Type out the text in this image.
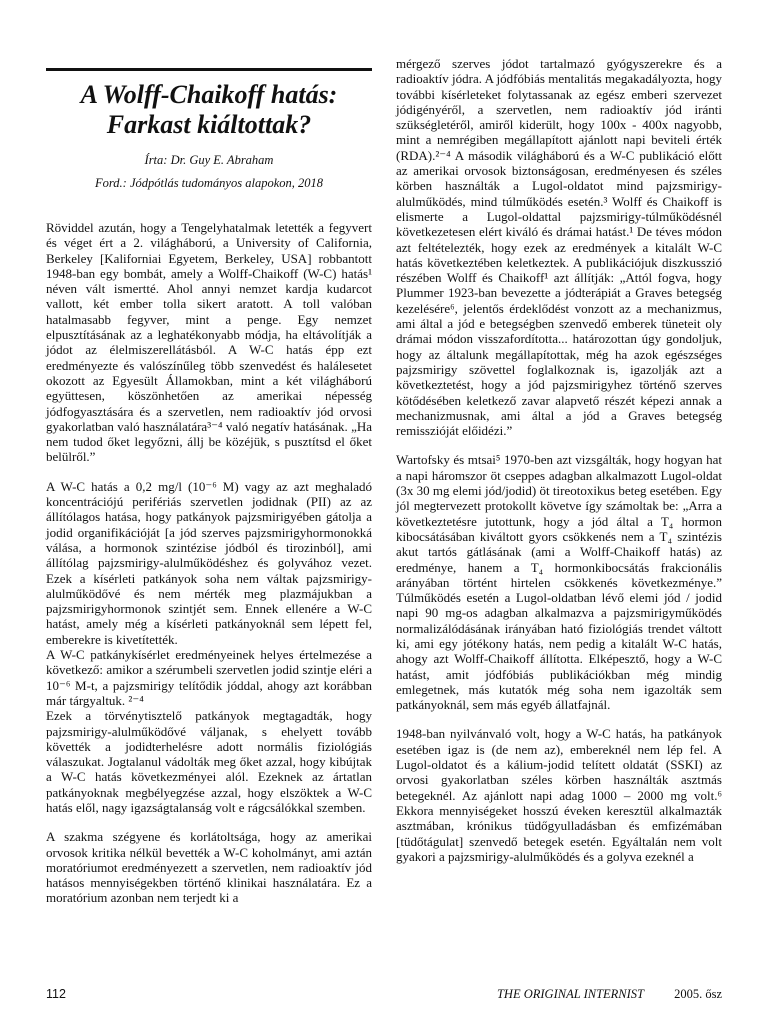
A Wolff-Chaikoff hatás:
Farkast kiáltottak?

Írta: Dr. Guy E. Abraham

Ford.: Jódpótlás tudományos alapokon, 2018

Röviddel azután, hogy a Tengelyhatalmak letették a fegyvert és véget ért a 2. világháború, a University of California, Berkeley [Kaliforniai Egyetem, Berkeley, USA] robbantott 1948-ban egy bombát, amely a Wolff-Chaikoff (W-C) hatás¹ néven vált ismertté. Ahol annyi nemzet kardja kudarcot vallott, két ember tolla sikert aratott. A toll valóban hatalmasabb fegyver, mint a penge. Egy nemzet elpusztításának az a leghatékonyabb módja, ha eltávolítják a jódot az élelmiszerellátásból. A W-C hatás épp ezt eredményezte és valószínűleg több szenvedést és halálesetet okozott az Egyesült Államokban, mint a két világháború együttesen, köszönhetően az amerikai népesség jódfogyasztására és a szervetlen, nem radioaktív jód orvosi gyakorlatban való használatára³⁻⁴ való negatív hatásának. „Ha nem tudod őket legyőzni, állj be közéjük, s pusztítsd el őket belülről.”

A W-C hatás a 0,2 mg/l (10⁻⁶ M) vagy az azt meghaladó koncentrációjú perifériás szervetlen jodidnak (PII) az az állítólagos hatása, hogy patkányok pajzsmirigyében gátolja a jodid organifikációját [a jód szerves pajzsmirigyhormonokká válása, a hormonok szintézise jódból és tirozinból], ami állítólag pajzsmirigy-alulműködéshez és golyvához vezet. Ezek a kísérleti patkányok soha nem váltak pajzsmirigy-alulműködővé és nem mérték meg plazmájukban a pajzsmirigyhormonok szintjét sem. Ennek ellenére a W-C hatást, amely még a kísérleti patkányoknál sem lépett fel, emberekre is kivetítették.

A W-C patkánykísérlet eredményeinek helyes értelmezése a következő: amikor a szérumbeli szervetlen jodid szintje eléri a 10⁻⁶ M-t, a pajzsmirigy telítődik jóddal, ahogy azt korábban már tárgyaltuk. ²⁻⁴

Ezek a törvénytisztelő patkányok megtagadták, hogy pajzsmirigy-alulműködővé váljanak, s ehelyett tovább követték a jodidterhelésre adott normális fiziológiás válaszukat. Jogtalanul vádolták meg őket azzal, hogy kibújtak a W-C hatás következményei alól. Ezeknek az ártatlan patkányoknak megbélyegzése azzal, hogy elszöktek a W-C hatás elől, nagy igazságtalanság volt e rágcsálókkal szemben.

A szakma szégyene és korlátoltsága, hogy az amerikai orvosok kritika nélkül bevették a W-C koholmányt, ami aztán moratóriumot eredményezett a szervetlen, nem radioaktív jód hatásos mennyiségekben történő klinikai használatára. Ez a moratórium azonban nem terjedt ki a

mérgező szerves jódot tartalmazó gyógyszerekre és a radioaktív jódra. A jódfóbiás mentalitás megakadályozta, hogy további kísérleteket folytassanak az egész emberi szervezet jódigényéről, a szervetlen, nem radioaktív jód iránti szükségletéről, amiről kiderült, hogy 100x - 400x nagyobb, mint a nemrégiben megállapított ajánlott napi beviteli érték (RDA).²⁻⁴ A második világháború és a W-C publikáció előtt az amerikai orvosok biztonságosan, eredményesen és széles körben használták a Lugol-oldatot mind pajzsmirigy-alulműködés, mind túlműködés esetén.³ Wolff és Chaikoff is elismerte a Lugol-oldattal pajzsmirigy-túlműködésnél következetesen elért kiváló és drámai hatást.¹ De téves módon azt feltételezték, hogy ezek az eredmények a kitalált W-C hatás következtében keletkeztek. A publikációjuk diszkusszió részében Wolff és Chaikoff¹ azt állítják: „Attól fogva, hogy Plummer 1923-ban bevezette a jódterápiát a Graves betegség kezelésére⁶, jelentős érdeklődést vonzott az a mechanizmus, ami által a jód e betegségben szenvedő emberek tüneteit oly drámai módon visszafordította... határozottan úgy gondoljuk, hogy az általunk megállapítottak, még ha azok egészséges pajzsmirigy szövettel foglalkoznak is, igazolják azt a következtetést, hogy a jód pajzsmirigyhez történő szerves kötődésében keletkező zavar alapvető részét képezi annak a mechanizmusnak, ami által a jód a Graves betegség remisszióját előidézi.”

Wartofsky és mtsai⁵ 1970-ben azt vizsgálták, hogy hogyan hat a napi háromszor öt cseppes adagban alkalmazott Lugol-oldat (3x 30 mg elemi jód/jodid) öt tireotoxikus beteg esetében. Egy jól megtervezett protokollt követve így számoltak be: „Arra a következtetésre jutottunk, hogy a jód által a T₄ hormon kibocsátásában kiváltott gyors csökkenés nem a T₄ szintézis akut tartós gátlásának (ami a Wolff-Chaikoff hatás) az eredménye, hanem a T₄ hormonkibocsátás frakcionális arányában történt hirtelen csökkenés következménye.” Túlműködés esetén a Lugol-oldatban lévő elemi jód / jodid napi 90 mg-os adagban alkalmazva a pajzsmirigyműködés normalizálódásának irányában ható fiziológiás trendet váltott ki, ami egy jótékony hatás, nem pedig a kitalált W-C hatás, ahogy azt Wolff-Chaikoff állította. Elképesztő, hogy a W-C hatást, amit jódfóbiás publikációkban még mindig emlegetnek, más kutatók még soha nem igazolták sem patkányoknál, sem más egyéb állatfajnál.

1948-ban nyilvánvaló volt, hogy a W-C hatás, ha patkányok esetében igaz is (de nem az), embereknél nem lép fel. A Lugol-oldatot és a kálium-jodid telített oldatát (SSKI) az orvosi gyakorlatban széles körben használták asztmás betegeknél. Az ajánlott napi adag 1000 – 2000 mg volt.⁶ Ekkora mennyiségeket hosszú éveken keresztül alkalmazták asztmában, krónikus tüdőgyulladásban és emfizémában [tüdőtágulat] szenvedő betegek esetén. Egyáltalán nem volt gyakori a pajzsmirigy-alulműködés és a golyva ezeknél a

112	THE ORIGINAL INTERNIST 2005. ősz
